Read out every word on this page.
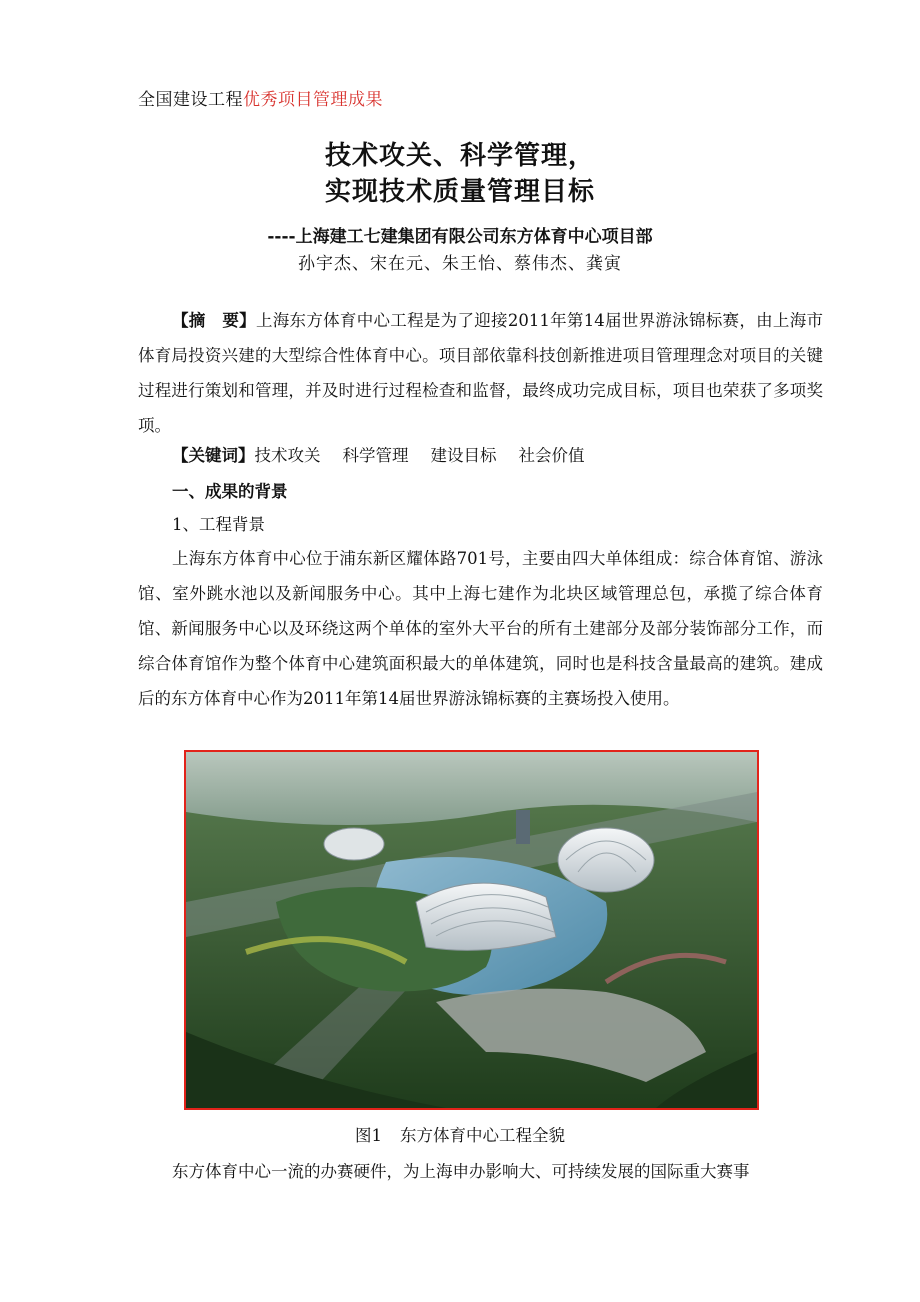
全国建设工程优秀项目管理成果
技术攻关、科学管理，
实现技术质量管理目标
----上海建工七建集团有限公司东方体育中心项目部
孙宇杰、宋在元、朱王怡、蔡伟杰、龚寅

【摘　要】上海东方体育中心工程是为了迎接2011年第14届世界游泳锦标赛，由上海市体育局投资兴建的大型综合性体育中心。项目部依靠科技创新推进项目管理理念对项目的关键过程进行策划和管理，并及时进行过程检查和监督，最终成功完成目标，项目也荣获了多项奖项。

【关键词】技术攻关 科学管理 建设目标 社会价值

一、成果的背景
1、工程背景

上海东方体育中心位于浦东新区耀体路701号，主要由四大单体组成：综合体育馆、游泳馆、室外跳水池以及新闻服务中心。其中上海七建作为北块区域管理总包，承揽了综合体育馆、新闻服务中心以及环绕这两个单体的室外大平台的所有土建部分及部分装饰部分工作，而综合体育馆作为整个体育中心建筑面积最大的单体建筑，同时也是科技含量最高的建筑。建成后的东方体育中心作为2011年第14届世界游泳锦标赛的主赛场投入使用。

图1 东方体育中心工程全貌

东方体育中心一流的办赛硬件，为上海申办影响大、可持续发展的国际重大赛事
